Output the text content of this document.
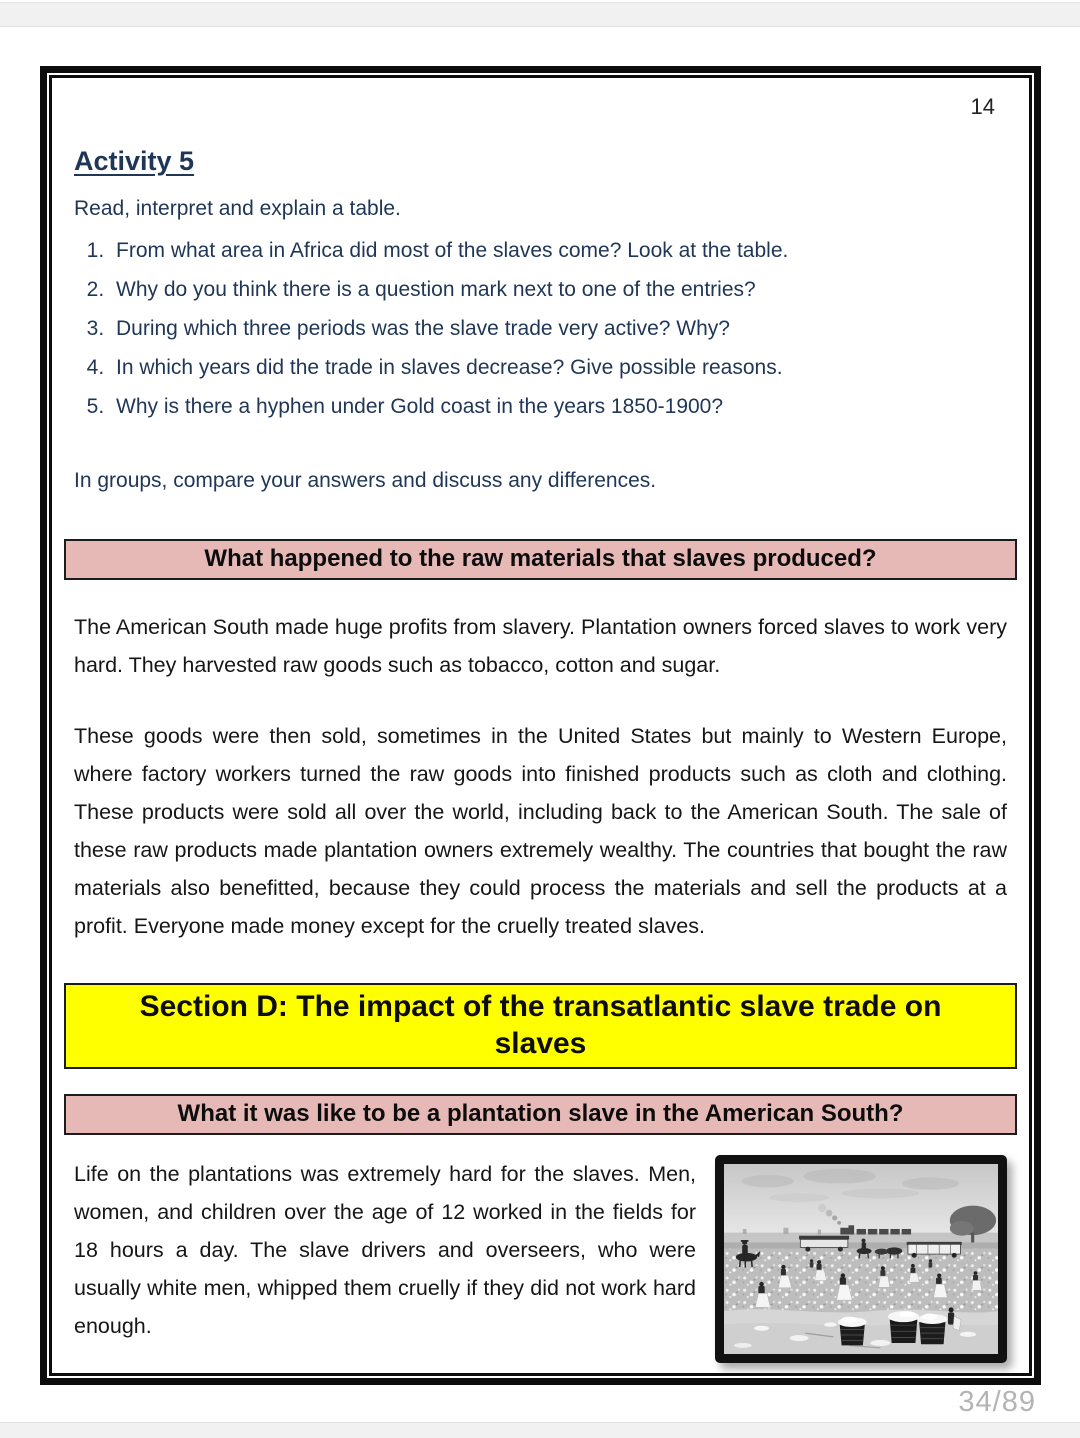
14
Activity 5

Read, interpret and explain a table.

1. From what area in Africa did most of the slaves come? Look at the table.
2. Why do you think there is a question mark next to one of the entries?
3. During which three periods was the slave trade very active? Why?
4. In which years did the trade in slaves decrease? Give possible reasons.
5. Why is there a hyphen under Gold coast in the years 1850-1900?

In groups, compare your answers and discuss any differences.

What happened to the raw materials that slaves produced?

The American South made huge profits from slavery. Plantation owners forced slaves to work very hard. They harvested raw goods such as tobacco, cotton and sugar.

These goods were then sold, sometimes in the United States but mainly to Western Europe, where factory workers turned the raw goods into finished products such as cloth and clothing. These products were sold all over the world, including back to the American South. The sale of these raw products made plantation owners extremely wealthy. The countries that bought the raw materials also benefitted, because they could process the materials and sell the products at a profit. Everyone made money except for the cruelly treated slaves.

Section D: The impact of the transatlantic slave trade on slaves
What it was like to be a plantation slave in the American South?

Life on the plantations was extremely hard for the slaves. Men, women, and children over the age of 12 worked in the fields for 18 hours a day. The slave drivers and overseers, who were usually white men, whipped them cruelly if they did not work hard enough.

34/89
